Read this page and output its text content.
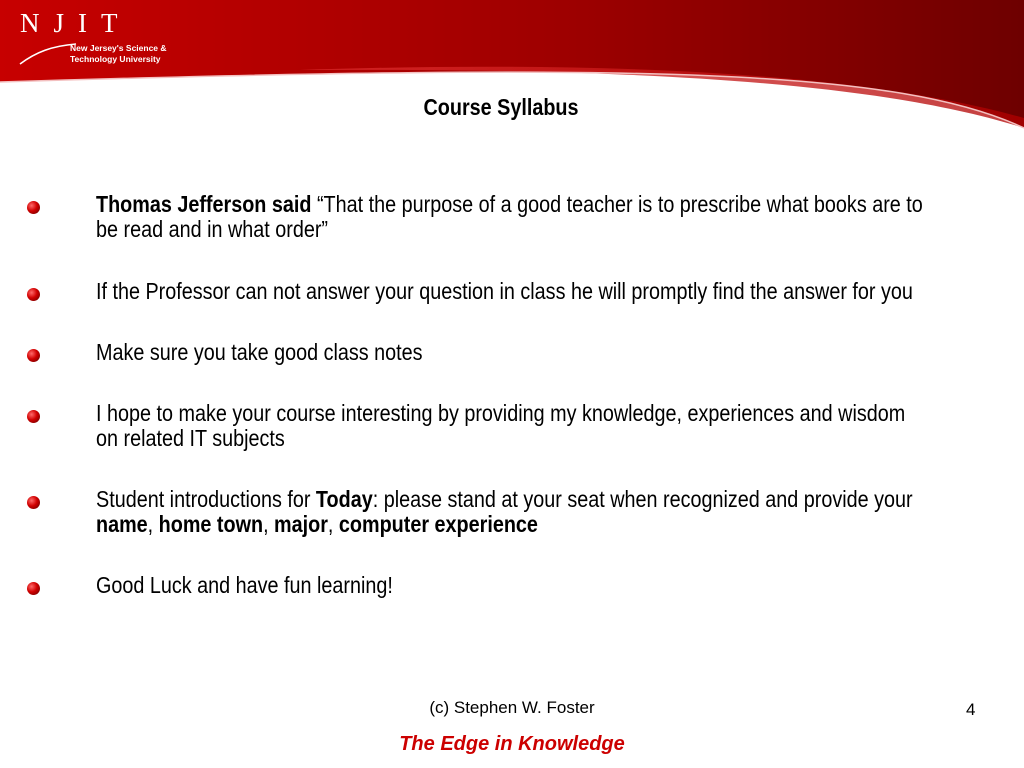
NJIT
New Jersey's Science &
Technology University
Course Syllabus
Thomas Jefferson said “That the purpose of a good teacher is to prescribe what books are to
be read and in what order”
If the Professor can not answer your question in class he will promptly find the answer for you
Make sure you take good class notes
I hope to make your course interesting by providing my knowledge, experiences and wisdom
on related IT subjects
Student introductions for Today: please stand at your seat when recognized and provide your
name, home town, major, computer experience
Good Luck and have fun learning!
(c) Stephen W. Foster	4
The Edge in Knowledge
